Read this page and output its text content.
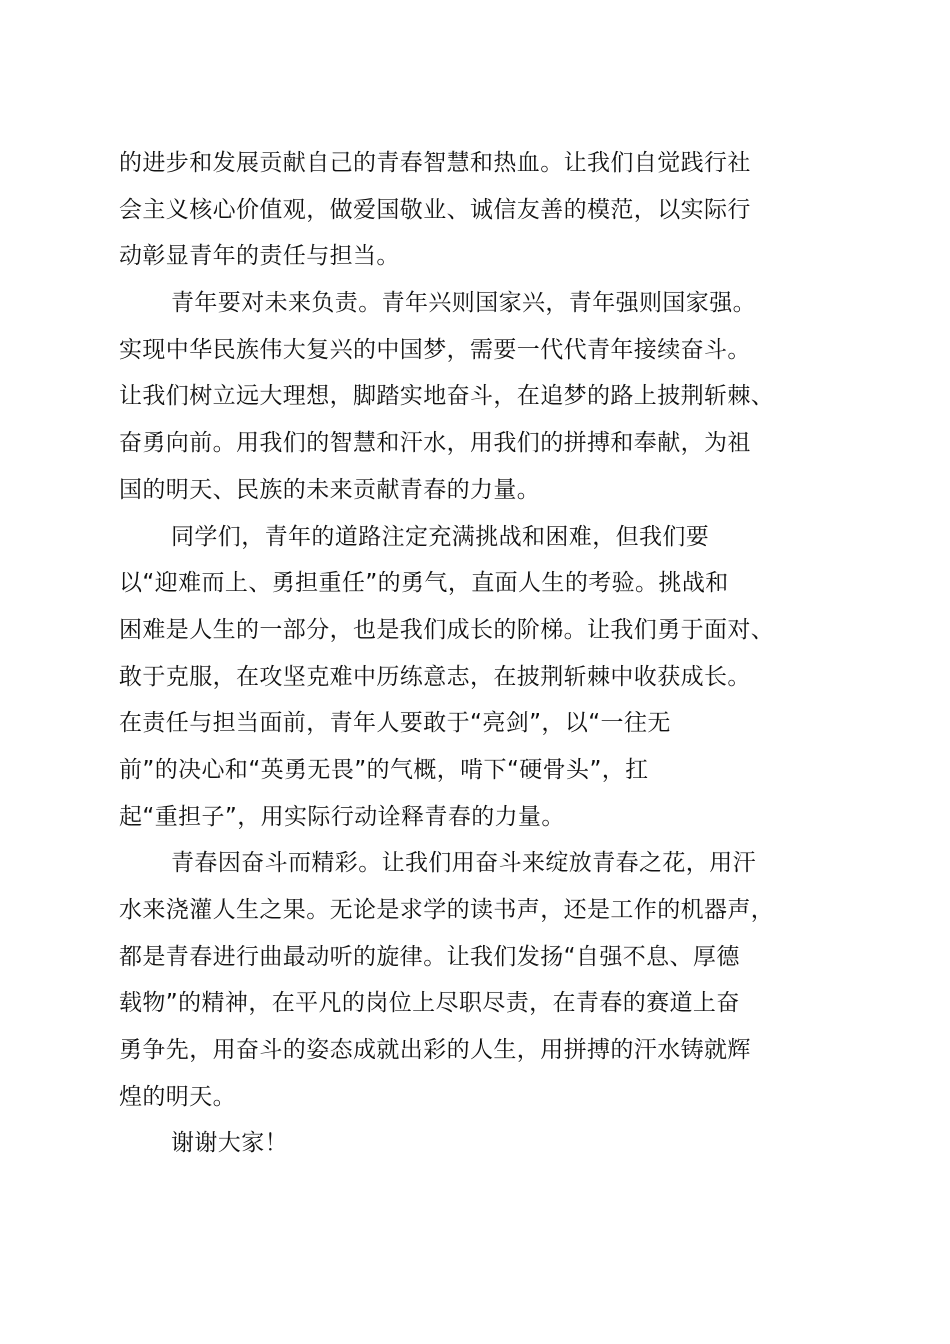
的进步和发展贡献自己的青春智慧和热血。让我们自觉践行社
会主义核心价值观，做爱国敬业、诚信友善的模范，以实际行
动彰显青年的责任与担当。
青年要对未来负责。青年兴则国家兴，青年强则国家强。
实现中华民族伟大复兴的中国梦，需要一代代青年接续奋斗。
让我们树立远大理想，脚踏实地奋斗，在追梦的路上披荆斩棘、
奋勇向前。用我们的智慧和汗水，用我们的拼搏和奉献，为祖
国的明天、民族的未来贡献青春的力量。
同学们，青年的道路注定充满挑战和困难，但我们要
以“迎难而上、勇担重任”的勇气，直面人生的考验。挑战和
困难是人生的一部分，也是我们成长的阶梯。让我们勇于面对、
敢于克服，在攻坚克难中历练意志，在披荆斩棘中收获成长。
在责任与担当面前，青年人要敢于“亮剑”，以“一往无
前”的决心和“英勇无畏”的气概，啃下“硬骨头”，扛
起“重担子”，用实际行动诠释青春的力量。
青春因奋斗而精彩。让我们用奋斗来绽放青春之花，用汗
水来浇灌人生之果。无论是求学的读书声，还是工作的机器声，
都是青春进行曲最动听的旋律。让我们发扬“自强不息、厚德
载物”的精神，在平凡的岗位上尽职尽责，在青春的赛道上奋
勇争先，用奋斗的姿态成就出彩的人生，用拼搏的汗水铸就辉
煌的明天。
谢谢大家！
